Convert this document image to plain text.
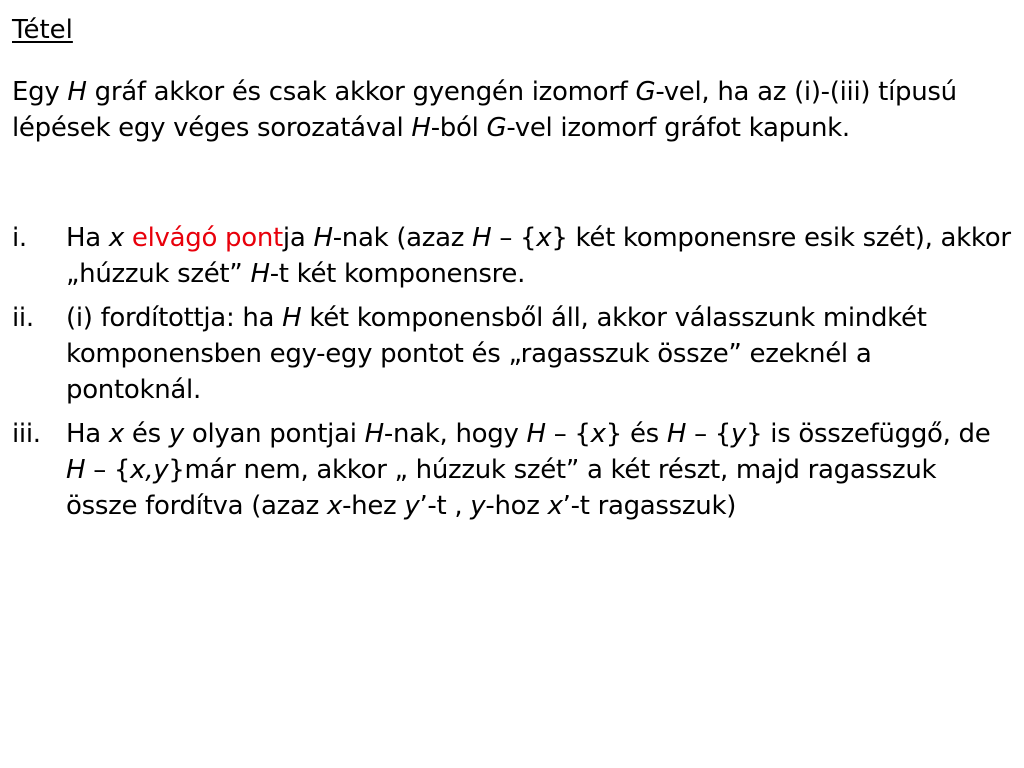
Tétel

Egy H gráf akkor és csak akkor gyengén izomorf G-vel, ha az (i)-(iii) típusú lépések egy véges sorozatával H-ból G-vel izomorf gráfot kapunk.

i.	Ha x elvágó pontja H-nak (azaz H – {x} két komponensre esik szét), akkor „húzzuk szét” H-t két komponensre.
ii.	(i) fordítottja: ha H két komponensből áll, akkor válasszunk mindkét komponensben egy-egy pontot és „ragasszuk össze” ezeknél a pontoknál.
iii. Ha x és y olyan pontjai H-nak, hogy H – {x} és H – {y} is összefüggő, de H – {x,y}már nem, akkor „ húzzuk szét” a két részt, majd ragasszuk össze fordítva (azaz x-hez y’-t , y-hoz x’-t ragasszuk)
